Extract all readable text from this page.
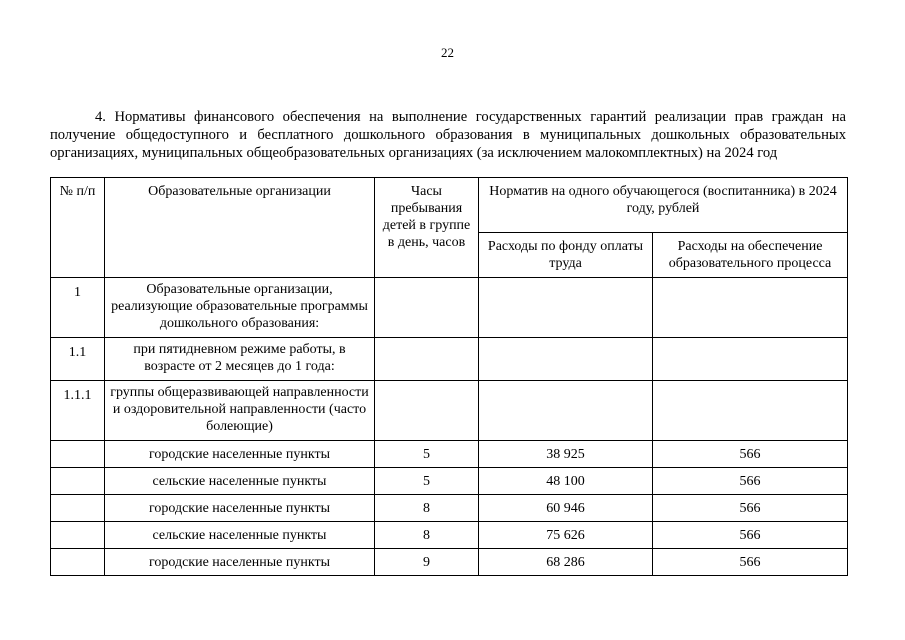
22
4. Нормативы финансового обеспечения на выполнение государственных гарантий реализации прав граждан на получение общедоступного и бесплатного дошкольного образования в муниципальных дошкольных образовательных организациях, муниципальных общеобразовательных организациях (за исключением малокомплектных) на 2024 год
№ п/п	Образовательные организации	Часы пребывания детей в группе в день, часов	Норматив на одного обучающегося (воспитанника) в 2024 году, рублей	
			Расходы по фонду оплаты труда	Расходы на обеспечение образовательного процесса
1	Образовательные организации, реализующие образовательные программы дошкольного образования:			
1.1	при пятидневном режиме работы, в возрасте от 2 месяцев до 1 года:			
1.1.1	группы общеразвивающей направленности и оздоровительной направленности (часто болеющие)			
	городские населенные пункты	5	38 925	566
	сельские населенные пункты	5	48 100	566
	городские населенные пункты	8	60 946	566
	сельские населенные пункты	8	75 626	566
	городские населенные пункты	9	68 286	566
